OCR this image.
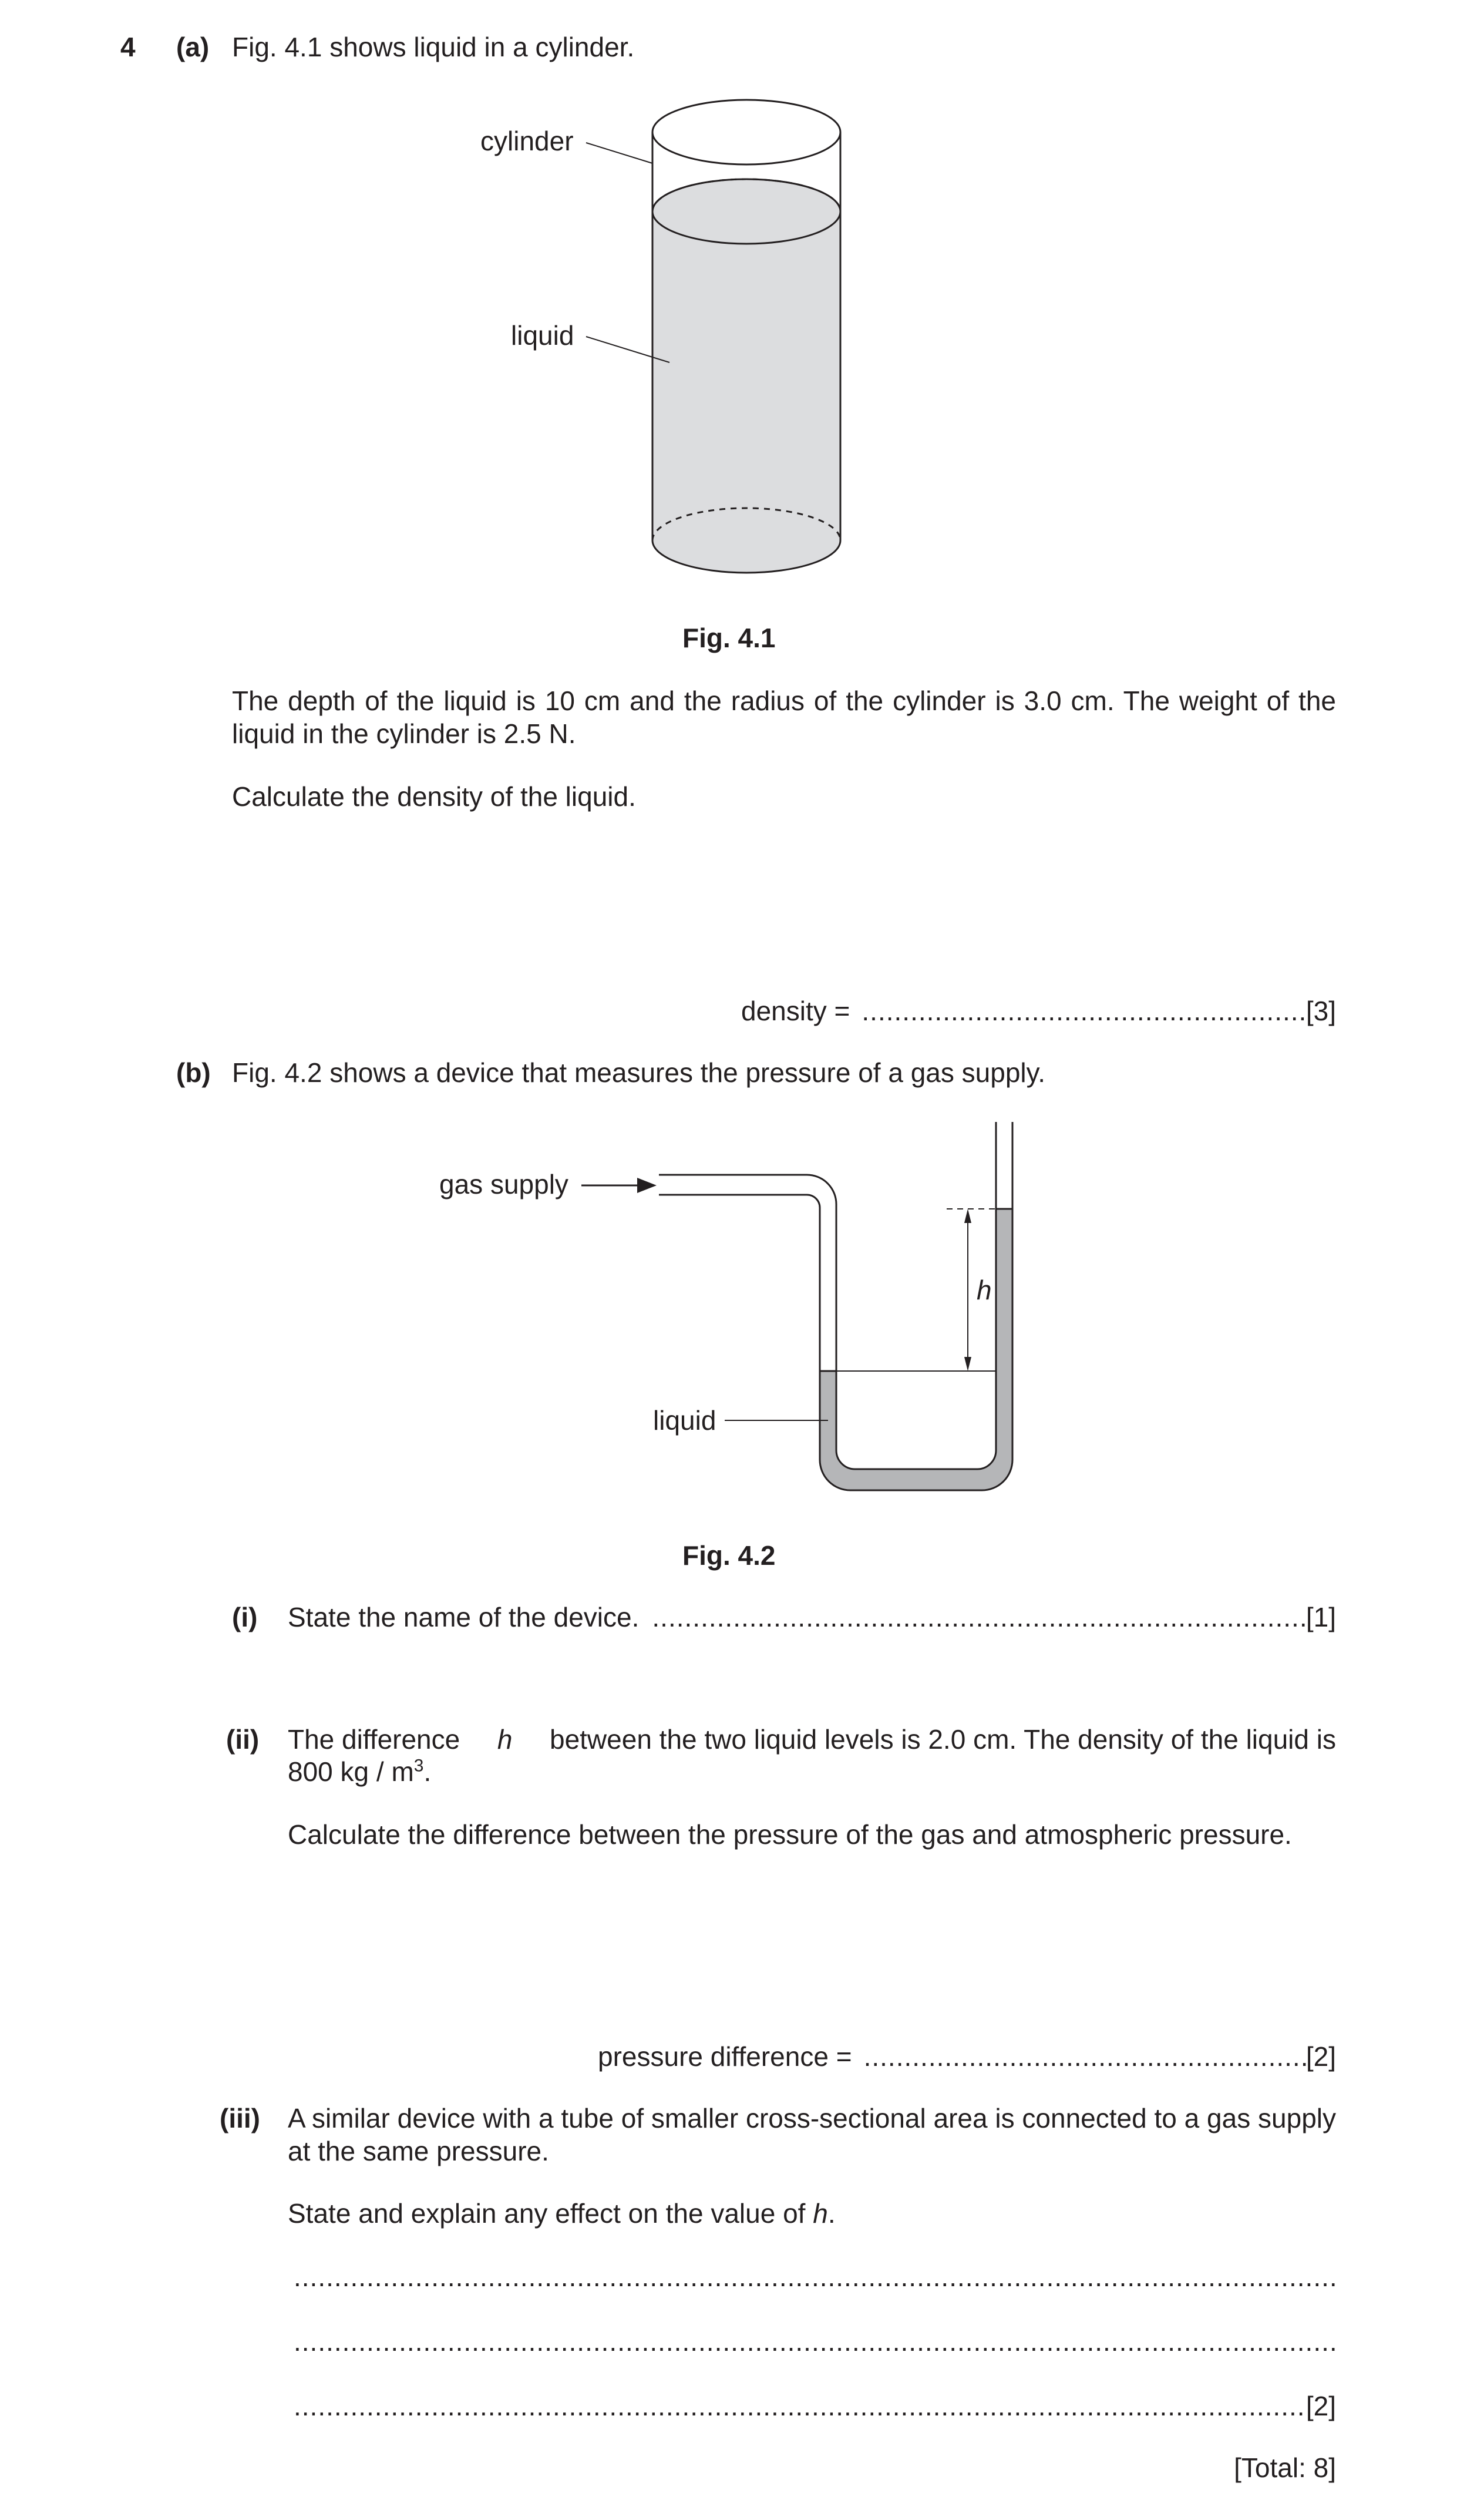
4 (a) Fig. 4.1 shows liquid in a cylinder.
cylinder
liquid
Fig. 4.1
The depth of the liquid is 10 cm and the radius of the cylinder is 3.0 cm. The weight of the liquid in the cylinder is 2.5 N.
Calculate the density of the liquid.
density = .....	[3]
(b) Fig. 4.2 shows a device that measures the pressure of a gas supply.
gas supply
liquid
h
Fig. 4.2
(i) State the name of the device. .....	[1]
(ii) The difference h between the two liquid levels is 2.0 cm. The density of the liquid is
800 kg / $m^3$.
Calculate the difference between the pressure of the gas and atmospheric pressure.
pressure difference = .....	[2]
(iii) A similar device with a tube of smaller cross-sectional area is connected to a gas supply at the same pressure.
State and explain any effect on the value of h.
.....
.....
.....
[2]
[Total: 8]
